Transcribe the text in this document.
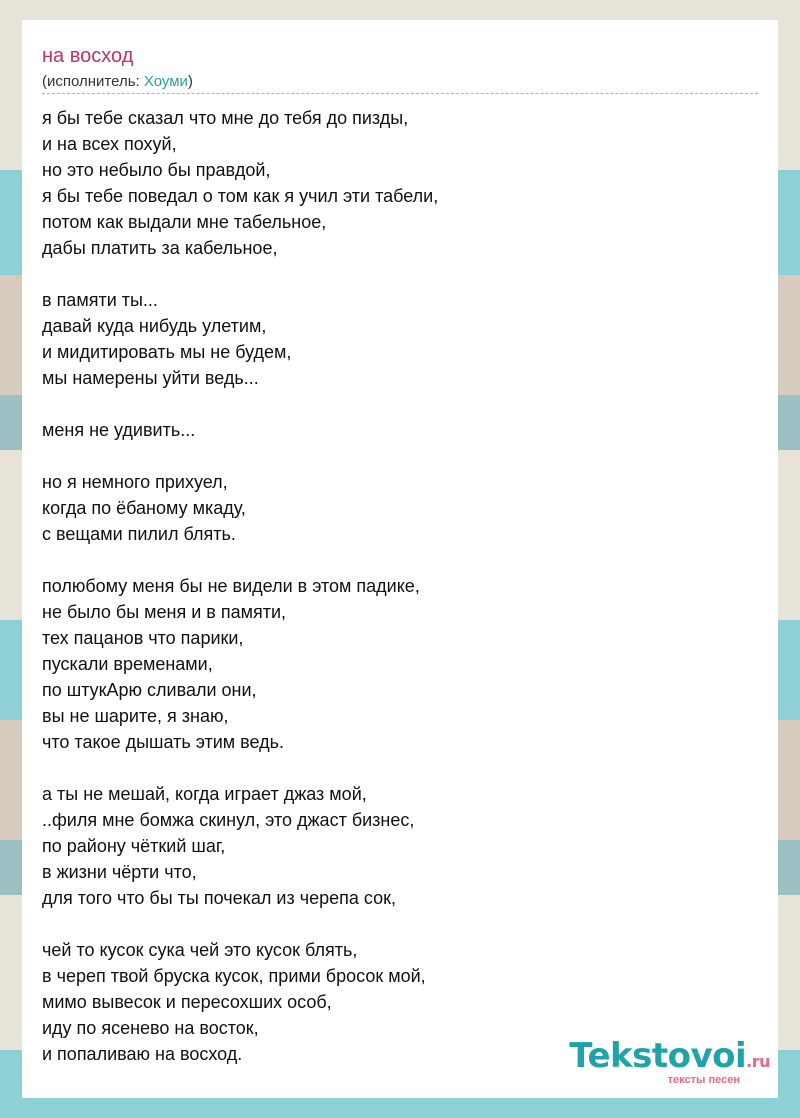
на восход
(исполнитель: Хоуми)
я бы тебе сказал что мне до тебя до пизды,
и на всех похуй,
но это небыло бы правдой,
я бы тебе поведал о том как я учил эти табели,
потом как выдали мне табельное,
дабы платить за кабельное,
в памяти ты...
давай куда нибудь улетим,
и мидитировать мы не будем,
мы намерены уйти ведь...
меня не удивить...
но я немного прихуел,
когда по ёбаному мкаду,
с вещами пилил блять.
полюбому меня бы не видели в этом падике,
не было бы меня и в памяти,
тех пацанов что парики,
пускали временами,
по штукАрю сливали они,
вы не шарите, я знаю,
что такое дышать этим ведь.
а ты не мешай, когда играет джаз мой,
..филя мне бомжа скинул, это джаст бизнес,
по району чёткий шаг,
в жизни чёрти что,
для того что бы ты почекал из черепа сок,
чей то кусок сука чей это кусок блять,
в череп твой бруска кусок, прими бросок мой,
мимо вывесок и пересохших особ,
иду по ясенево на восток,
и попаливаю на восход.	Tekstovoi.ru
тексты песен
